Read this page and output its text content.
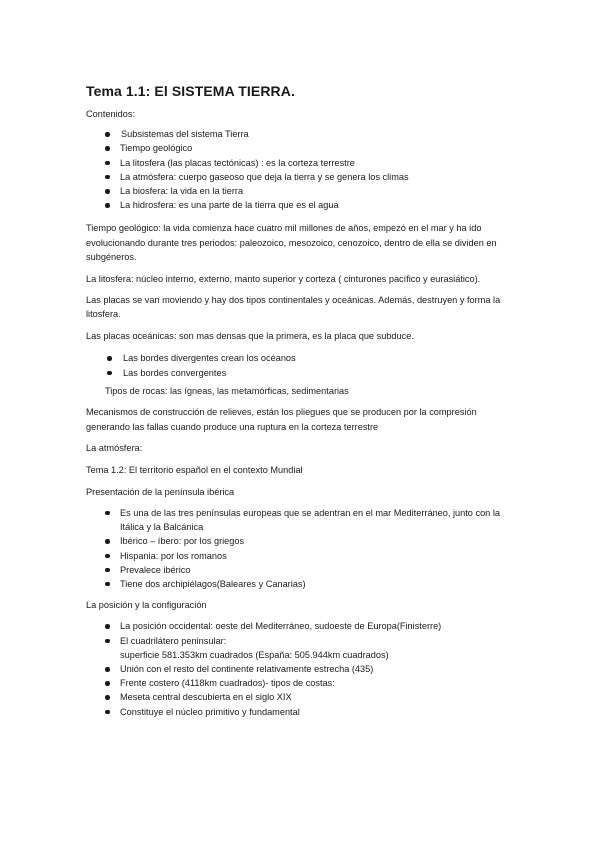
Tema 1.1: El SISTEMA TIERRA.

Contenidos:

Subsistemas del sistema Tierra
Tiempo geológico
La litosfera (las placas tectónicas) : es la corteza terrestre
La atmósfera: cuerpo gaseoso que deja la tierra y se genera los climas
La biosfera: la vida en la tierra
La hidrosfera: es una parte de la tierra que es el agua

Tiempo geológico: la vida comienza hace cuatro mil millones de años, empezó en el mar y ha ido evolucionando durante tres periodos: paleozoico, mesozoico, cenozoico, dentro de ella se dividen en subgéneros.

La litosfera: núcleo interno, externo, manto superior y corteza ( cinturones pacífico y eurasiático).

Las placas se van moviendo y hay dos tipos continentales y oceánicas. Además, destruyen y forma la litosfera.

Las placas oceánicas: son mas densas que la primera, es la placa que subduce.

Las bordes divergentes crean los océanos
Las bordes convergentes

Tipos de rocas: las ígneas, las metamórficas, sedimentarias

Mecanismos de construcción de relieves, están los pliegues que se producen por la compresión generando las fallas cuando produce una ruptura en la corteza terrestre

La atmósfera:

Tema 1.2: El territorio español en el contexto Mundial

Presentación de la península ibérica

Es una de las tres penínsulas europeas que se adentran en el mar Mediterráneo, junto con la Itálica y la Balcánica
Ibérico – íbero: por los griegos
Hispania: por los romanos
Prevalece ibérico
Tiene dos archipiélagos(Baleares y Canarias)

La posición y la configuración

La posición occidental: oeste del Mediterráneo, sudoeste de Europa(Finisterre)
El cuadrilátero peninsular:
superficie 581.353km cuadrados (España: 505.944km cuadrados)
Unión con el resto del continente relativamente estrecha (435)
Frente costero (4118km cuadrados)- tipos de costas:
Meseta central descubierta en el siglo XIX
Constituye el núcleo primitivo y fundamental
